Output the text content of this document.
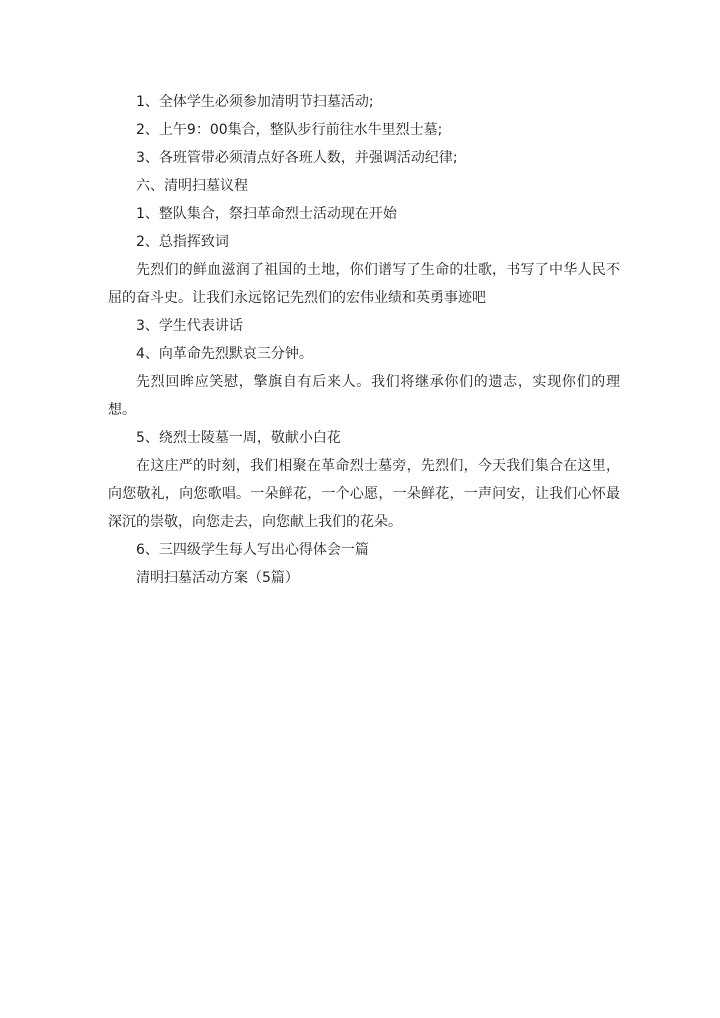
1、全体学生必须参加清明节扫墓活动;

2、上午9：00集合，整队步行前往水牛里烈士墓;

3、各班管带必须清点好各班人数，并强调活动纪律;

六、清明扫墓议程

1、整队集合，祭扫革命烈士活动现在开始

2、总指挥致词

先烈们的鲜血滋润了祖国的土地，你们谱写了生命的壮歌，书写了中华人民不屈的奋斗史。让我们永远铭记先烈们的宏伟业绩和英勇事迹吧

3、学生代表讲话

4、向革命先烈默哀三分钟。

先烈回眸应笑慰，擎旗自有后来人。我们将继承你们的遗志，实现你们的理想。

5、绕烈士陵墓一周，敬献小白花

在这庄严的时刻，我们相聚在革命烈士墓旁，先烈们，今天我们集合在这里，向您敬礼，向您歌唱。一朵鲜花，一个心愿，一朵鲜花，一声问安，让我们心怀最深沉的崇敬，向您走去，向您献上我们的花朵。

6、三四级学生每人写出心得体会一篇

清明扫墓活动方案（5篇）
